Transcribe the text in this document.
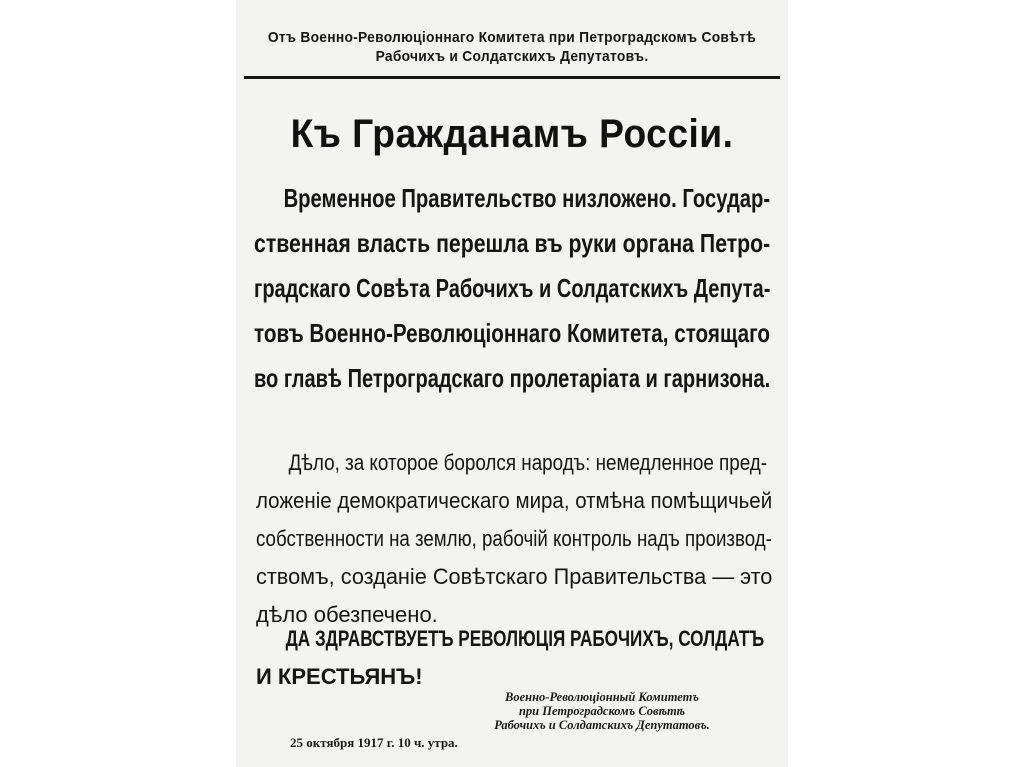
Отъ Военно-Революцiоннаго Комитета при Петроградскомъ Совѣтѣ
Рабочихъ и Солдатскихъ Депутатовъ.
Къ Гражданамъ Россiи.
Временное Правительство низложено. Государ-
ственная власть перешла въ руки органа Петро-
градскаго Совѣта Рабочихъ и Солдатскихъ Депута-
товъ Военно-Революцiоннаго Комитета, стоящаго
во главѣ Петроградскаго пролетарiата и гарнизона.
Дѣло, за которое боролся народъ: немедленное пред-
ложенiе демократическаго мира, отмѣна помѣщичьей
собственности на землю, рабочiй контроль надъ производ-
ствомъ, созданiе Совѣтскаго Правительства — это
дѣло обезпечено.
ДА ЗДРАВСТВУЕТЪ РЕВОЛЮЦIЯ РАБОЧИХЪ, СОЛДАТЪ
И КРЕСТЬЯНЪ!
Военно-Революцiонный Комитетъ
при Петроградскомъ Совѣтѣ
Рабочихъ и Солдатскихъ Депутатовъ.
25 октября 1917 г. 10 ч. утра.
